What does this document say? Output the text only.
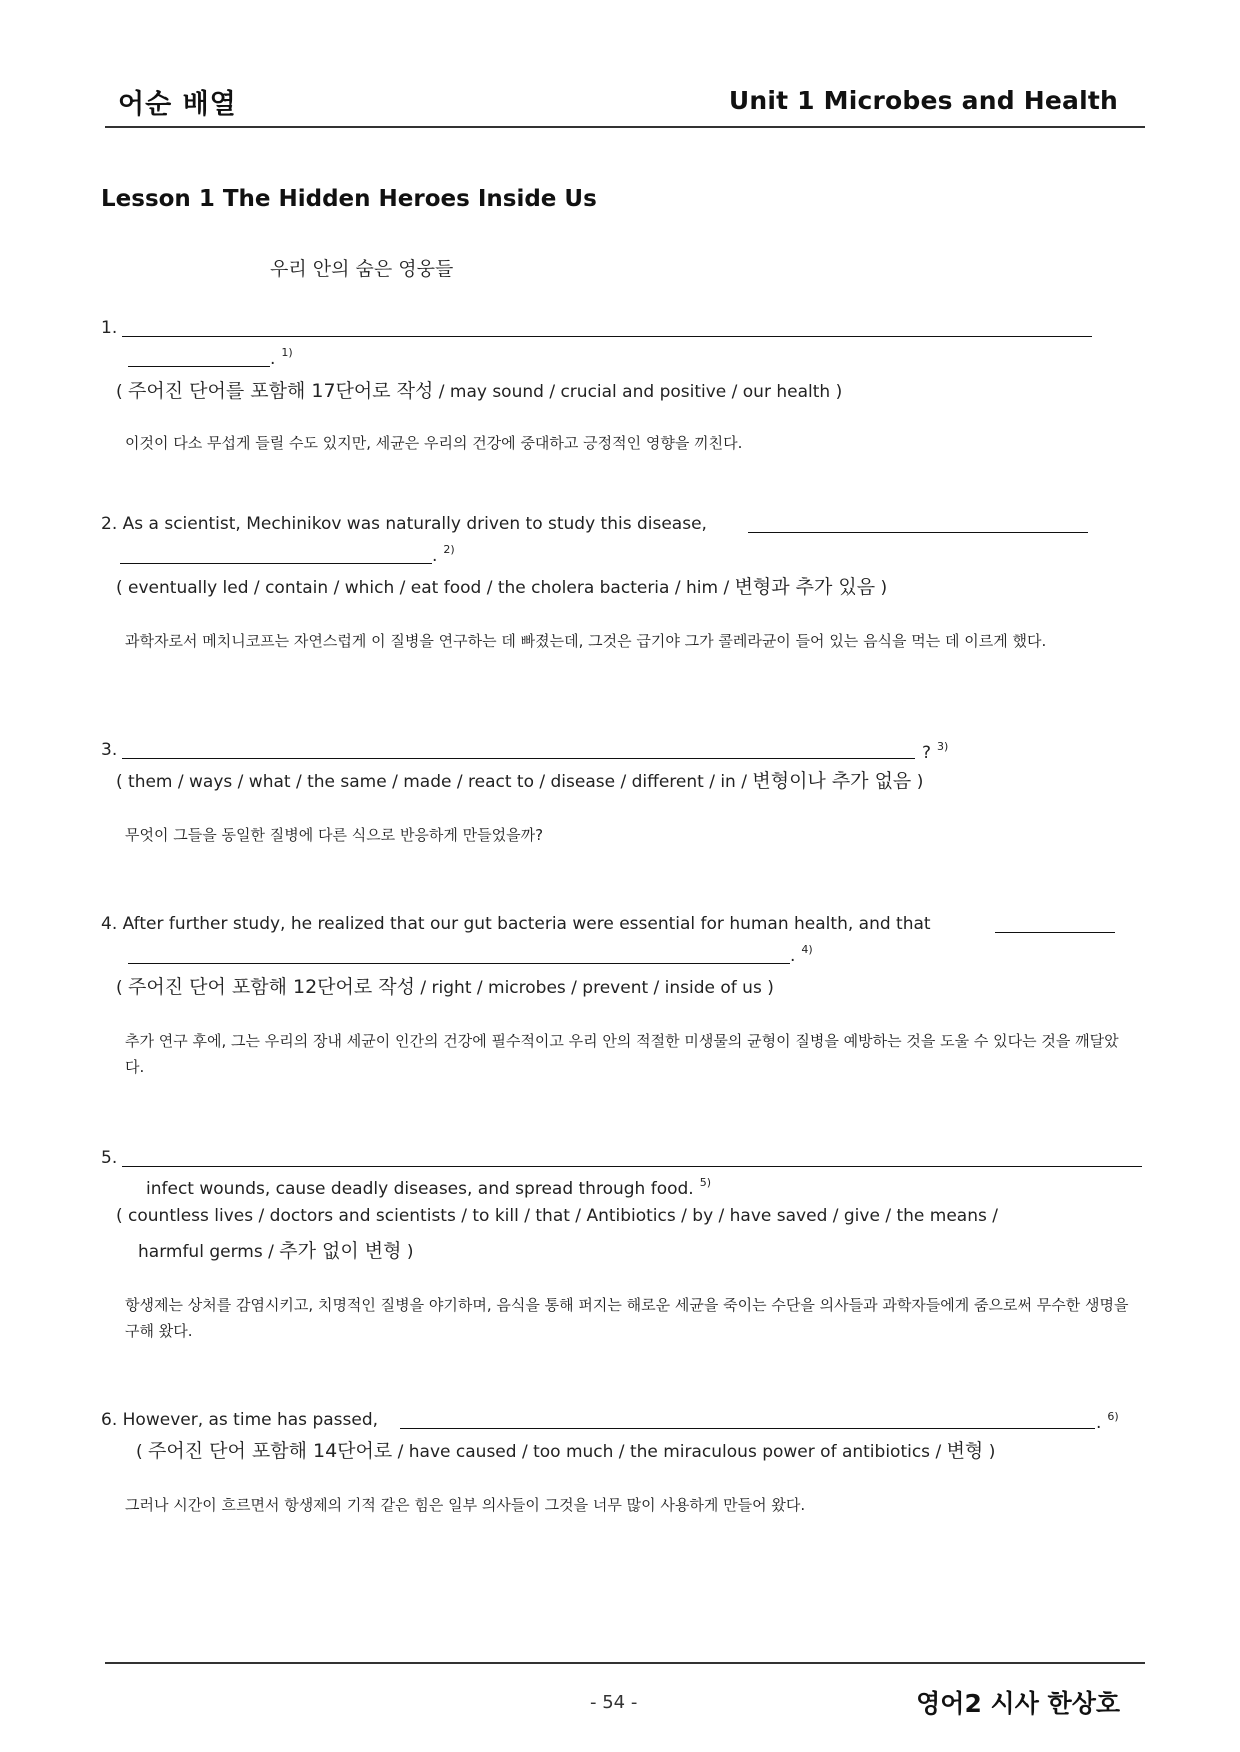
어순 배열	Unit 1 Microbes and Health
Lesson 1 The Hidden Heroes Inside Us
우리 안의 숨은 영웅들
1.
. $^{1)}$
( 주어진 단어를 포함해 17단어로 작성 / may sound / crucial and positive / our health )
이것이 다소 무섭게 들릴 수도 있지만, 세균은 우리의 건강에 중대하고 긍정적인 영향을 끼친다.
2. As a scientist, Mechinikov was naturally driven to study this disease,
. $^{2)}$
( eventually led / contain / which / eat food / the cholera bacteria / him / 변형과 추가 있음 )
과학자로서 메치니코프는 자연스럽게 이 질병을 연구하는 데 빠졌는데, 그것은 급기야 그가 콜레라균이 들어 있는 음식을 먹는 데 이르게 했다.
3.	? $^{3)}$
( them / ways / what / the same / made / react to / disease / different / in / 변형이나 추가 없음 )
무엇이 그들을 동일한 질병에 다른 식으로 반응하게 만들었을까?
4. After further study, he realized that our gut bacteria were essential for human health, and that
. $^{4)}$
( 주어진 단어 포함해 12단어로 작성 / right / microbes / prevent / inside of us )
추가 연구 후에, 그는 우리의 장내 세균이 인간의 건강에 필수적이고 우리 안의 적절한 미생물의 균형이 질병을 예방하는 것을 도울 수 있다는 것을 깨달았다.
5.
infect wounds, cause deadly diseases, and spread through food. $^{5)}$
( countless lives / doctors and scientists / to kill / that / Antibiotics / by / have saved / give / the means /
harmful germs / 추가 없이 변형 )
항생제는 상처를 감염시키고, 치명적인 질병을 야기하며, 음식을 통해 퍼지는 해로운 세균을 죽이는 수단을 의사들과 과학자들에게 줌으로써 무수한 생명을 구해 왔다.
6. However, as time has passed,	. $^{6)}$
( 주어진 단어 포함해 14단어로 / have caused / too much / the miraculous power of antibiotics / 변형 )
그러나 시간이 흐르면서 항생제의 기적 같은 힘은 일부 의사들이 그것을 너무 많이 사용하게 만들어 왔다.
- 54 -	영어2 시사 한상호
